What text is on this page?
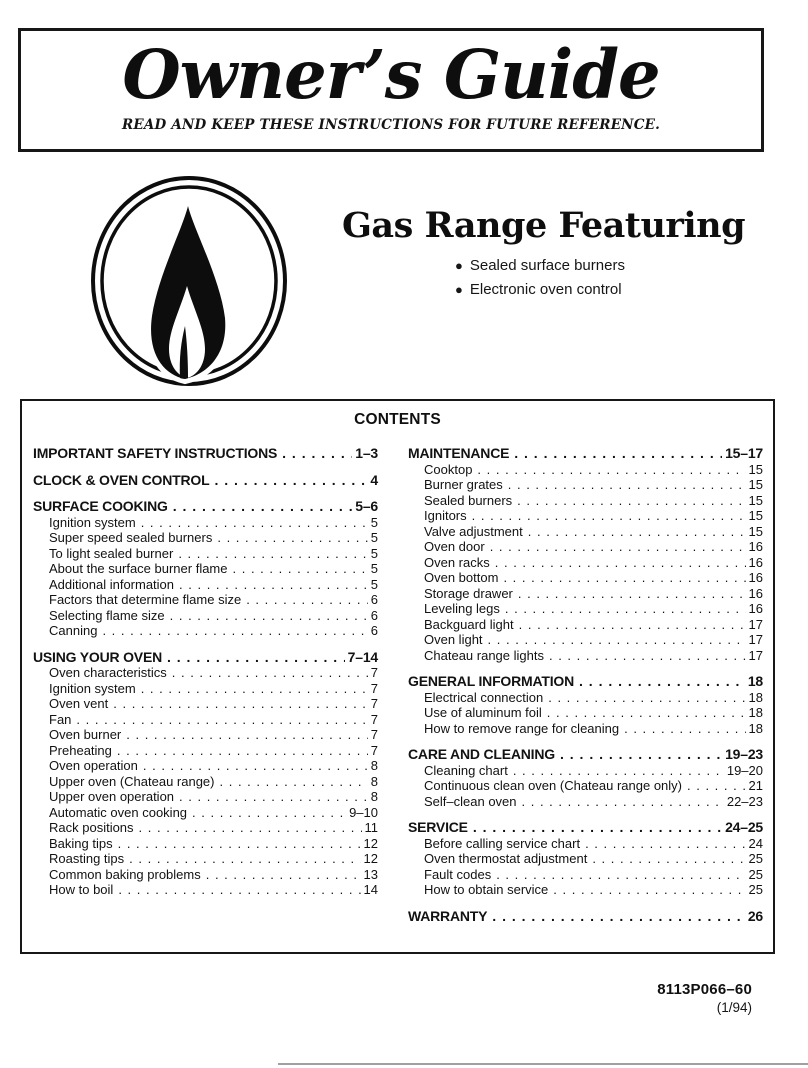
Owner’s Guide
READ AND KEEP THESE INSTRUCTIONS FOR FUTURE REFERENCE.
Gas Range Featuring
● Sealed surface burners
● Electronic oven control
CONTENTS
IMPORTANT SAFETY INSTRUCTIONS . . .	1–3
CLOCK & OVEN CONTROL . . .	4
SURFACE COOKING . . .	5–6
Ignition system . . .	5
Super speed sealed burners . . .	5
To light sealed burner . . .	5
About the surface burner flame . . .	5
Additional information . . .	5
Factors that determine flame size . . .	6
Selecting flame size . . .	6
Canning . . .	6
USING YOUR OVEN . . .	7–14
Oven characteristics . . .	7
Ignition system . . .	7
Oven vent . . .	7
Fan . . .	7
Oven burner . . .	7
Preheating . . .	7
Oven operation . . .	8
Upper oven (Chateau range) . . .	8
Upper oven operation . . .	8
Automatic oven cooking . . .	9–10
Rack positions . . .	11
Baking tips . . .	12
Roasting tips . . .	12
Common baking problems . . .	13
How to boil . . .	14
MAINTENANCE . . .	15–17
Cooktop . . .	15
Burner grates . . .	15
Sealed burners . . .	15
Ignitors . . .	15
Valve adjustment . . .	15
Oven door . . .	16
Oven racks . . .	16
Oven bottom . . .	16
Storage drawer . . .	16
Leveling legs . . .	16
Backguard light . . .	17
Oven light . . .	17
Chateau range lights . . .	17
GENERAL INFORMATION . . .	18
Electrical connection . . .	18
Use of aluminum foil . . .	18
How to remove range for cleaning . . .	18
CARE AND CLEANING . . .	19–23
Cleaning chart . . .	19–20
Continuous clean oven (Chateau range only) . . .	21
Self–clean oven . . .	22–23
SERVICE . . .	24–25
Before calling service chart . . .	24
Oven thermostat adjustment . . .	25
Fault codes . . .	25
How to obtain service . . .	25
WARRANTY . . .	26
8113P066–60
(1/94)
